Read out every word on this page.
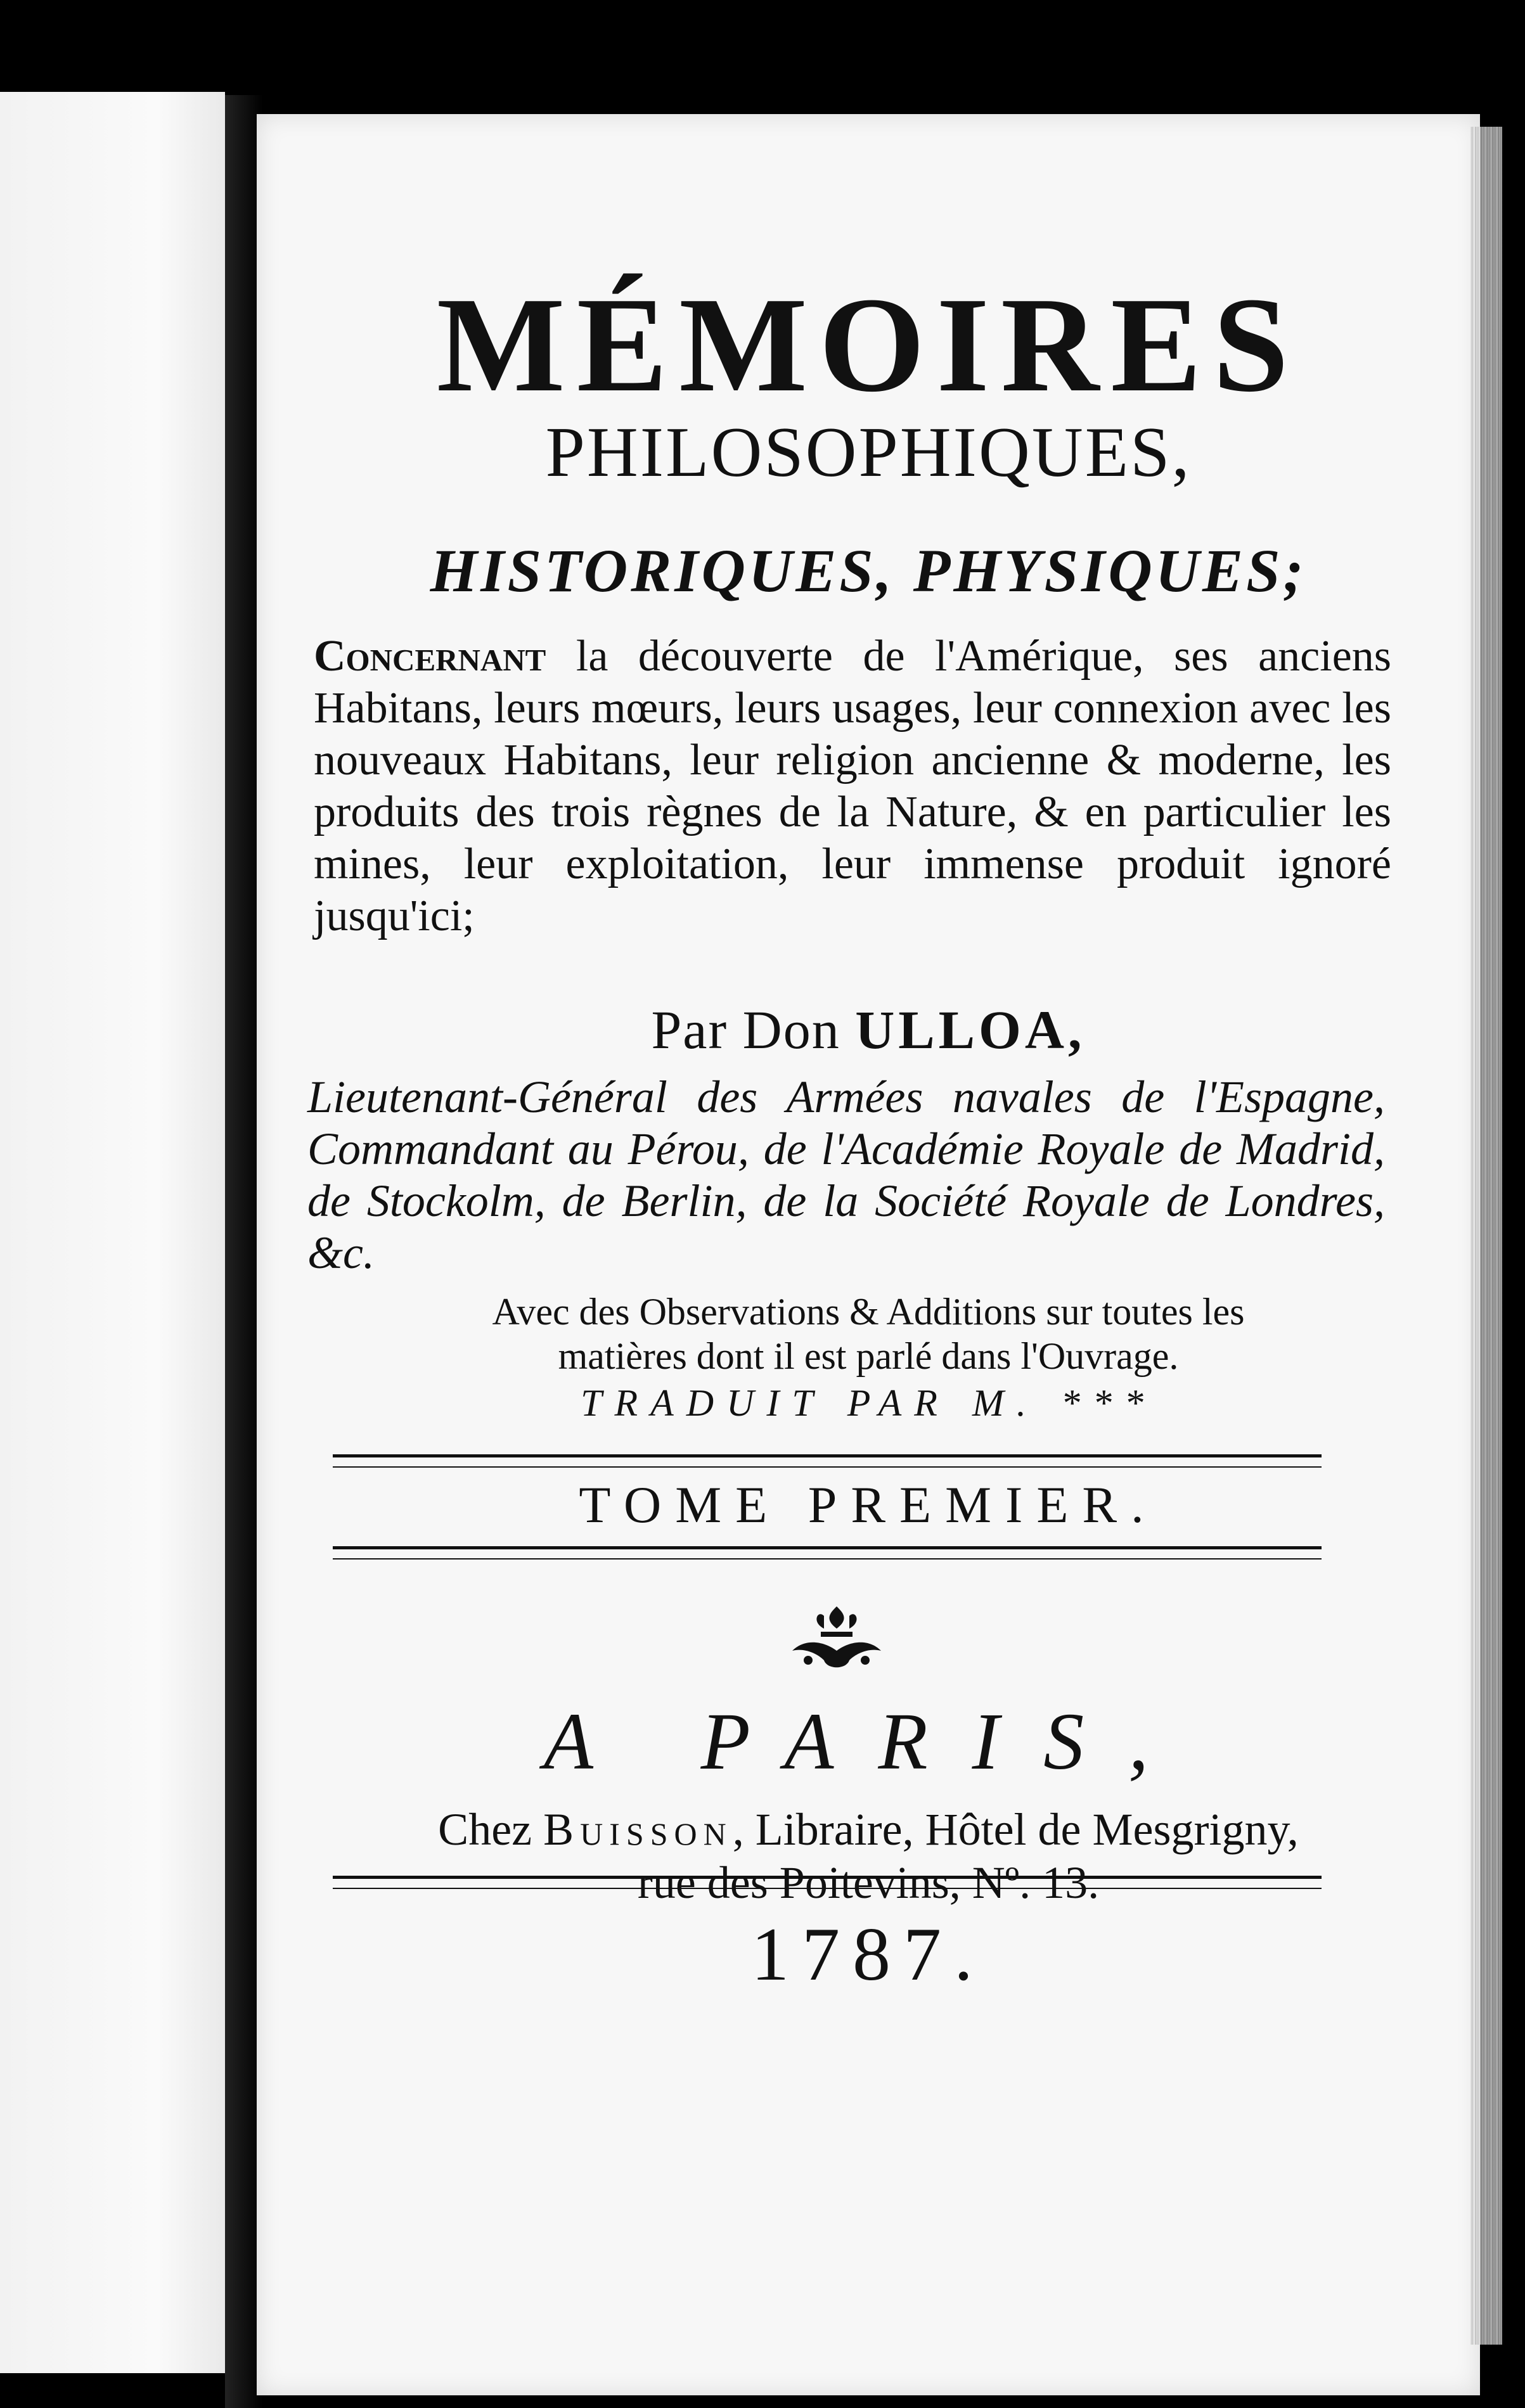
MÉMOIRES
PHILOSOPHIQUES,
HISTORIQUES, PHYSIQUES;
Concernant la découverte de l'Amérique, ses anciens Habitans, leurs mœurs, leurs usages, leur connexion avec les nouveaux Habitans, leur religion ancienne & moderne, les produits des trois règnes de la Nature, & en particulier les mines, leur exploitation, leur immense produit ignoré jusqu'ici;
Par Don ULLOA,
Lieutenant-Général des Armées navales de l'Espagne, Commandant au Pérou, de l'Académie Royale de Madrid, de Stockolm, de Berlin, de la Société Royale de Londres, &c.
Avec des Observations & Additions sur toutes les matières dont il est parlé dans l'Ouvrage.
TRADUIT PAR M. ***
TOME PREMIER.
A PARIS,
Chez Buisson, Libraire, Hôtel de Mesgrigny,
rue des Poitevins, Nº. 13.
1787.
